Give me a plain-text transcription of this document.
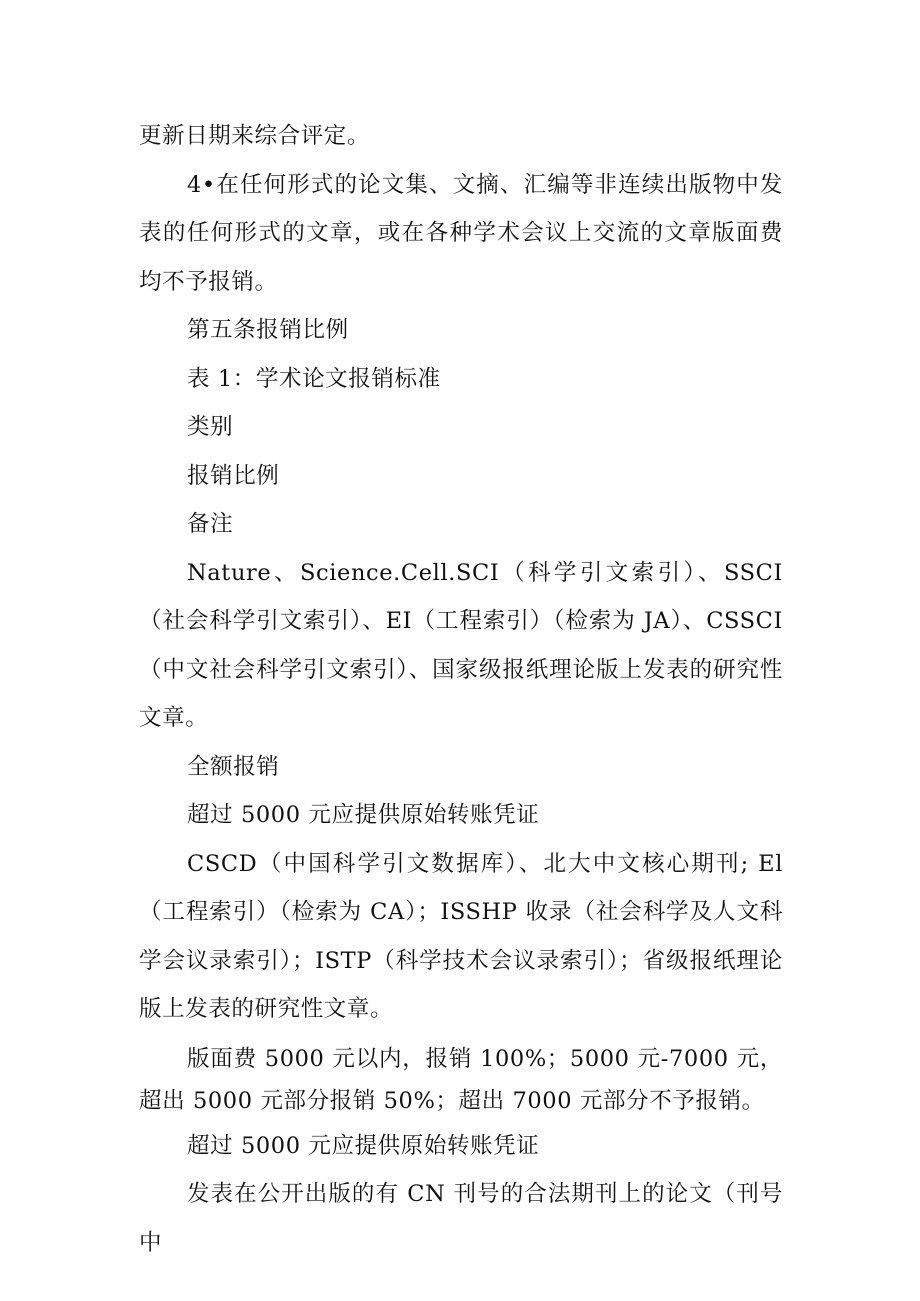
更新日期来综合评定。

4•在任何形式的论文集、文摘、汇编等非连续出版物中发表的任何形式的文章，或在各种学术会议上交流的文章版面费均不予报销。

第五条报销比例

表 1：学术论文报销标准

类别

报销比例

备注

Nature、Science.Cell.SCI（科学引文索引）、SSCI（社会科学引文索引）、EI（工程索引）（检索为 JA）、CSSCI（中文社会科学引文索引）、国家级报纸理论版上发表的研究性文章。

全额报销

超过 5000 元应提供原始转账凭证

CSCD（中国科学引文数据库）、北大中文核心期刊; El（工程索引）（检索为 CA）；ISSHP 收录（社会科学及人文科学会议录索引）；ISTP（科学技术会议录索引）；省级报纸理论版上发表的研究性文章。

版面费 5000 元以内，报销 100%；5000 元-7000 元，超出 5000 元部分报销 50%；超出 7000 元部分不予报销。

超过 5000 元应提供原始转账凭证

发表在公开出版的有 CN 刊号的合法期刊上的论文（刊号中
